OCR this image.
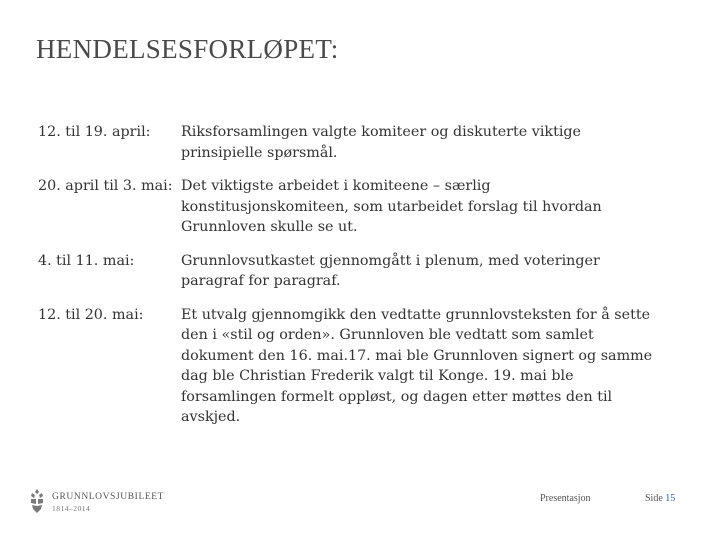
HENDELSESFORLØPET:
12. til 19. april: Riksforsamlingen valgte komiteer og diskuterte viktige
prinsipielle spørsmål.
20. april til 3. mai: Det viktigste arbeidet i komiteene – særlig
konstitusjonskomiteen, som utarbeidet forslag til hvordan
Grunnloven skulle se ut.
4. til 11. mai:	Grunnlovsutkastet gjennomgått i plenum, med voteringer
paragraf for paragraf.
12. til 20. mai:	Et utvalg gjennomgikk den vedtatte grunnlovsteksten for å sette
den i «stil og orden». Grunnloven ble vedtatt som samlet
dokument den 16. mai.17. mai ble Grunnloven signert og samme
dag ble Christian Frederik valgt til Konge. 19. mai ble
forsamlingen formelt oppløst, og dagen etter møttes den til
avskjed.
GRUNNLOVSJUBILEET
1814–2014
Presentasjon	Side 15
